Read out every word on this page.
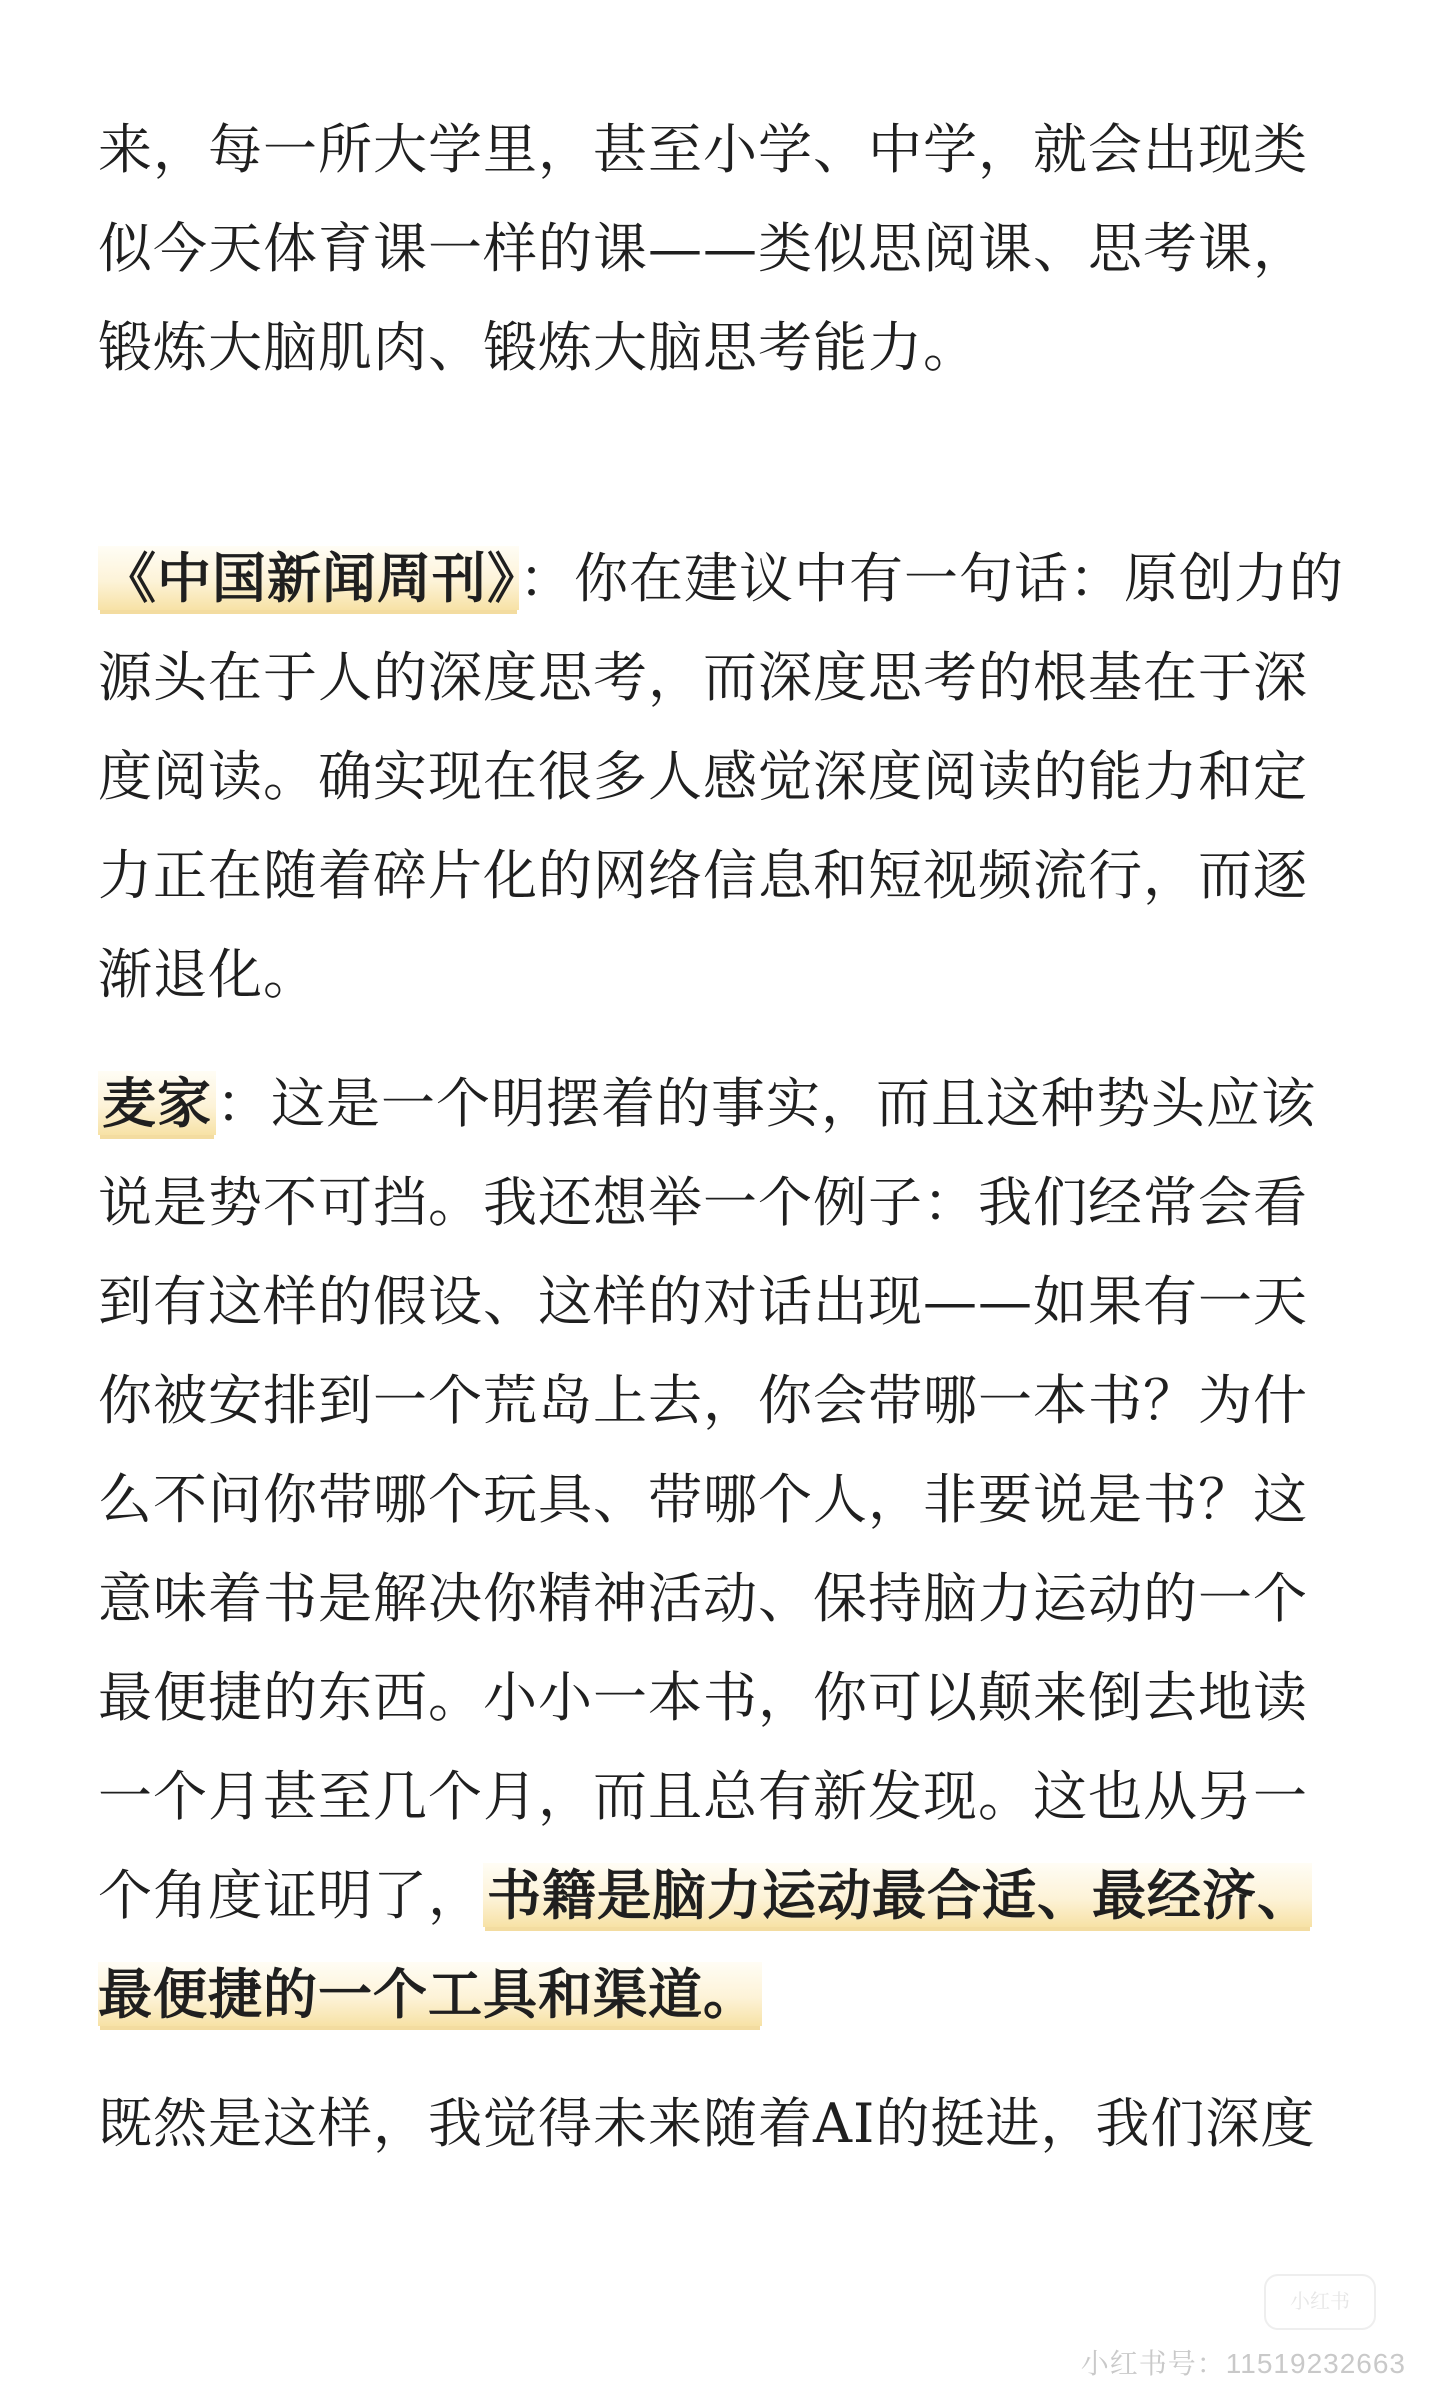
来，每一所大学里，甚至小学、中学，就会出现类似今天体育课一样的课——类似思阅课、思考课，锻炼大脑肌肉、锻炼大脑思考能力。

《中国新闻周刊》：你在建议中有一句话：原创力的源头在于人的深度思考，而深度思考的根基在于深度阅读。确实现在很多人感觉深度阅读的能力和定力正在随着碎片化的网络信息和短视频流行，而逐渐退化。

麦家：这是一个明摆着的事实，而且这种势头应该说是势不可挡。我还想举一个例子：我们经常会看到有这样的假设、这样的对话出现——如果有一天你被安排到一个荒岛上去，你会带哪一本书？为什么不问你带哪个玩具、带哪个人，非要说是书？这意味着书是解决你精神活动、保持脑力运动的一个最便捷的东西。小小一本书，你可以颠来倒去地读一个月甚至几个月，而且总有新发现。这也从另一个角度证明了，书籍是脑力运动最合适、最经济、最便捷的一个工具和渠道。

既然是这样，我觉得未来随着AI的挺进，我们深度

小红书
小红书号：11519232663
